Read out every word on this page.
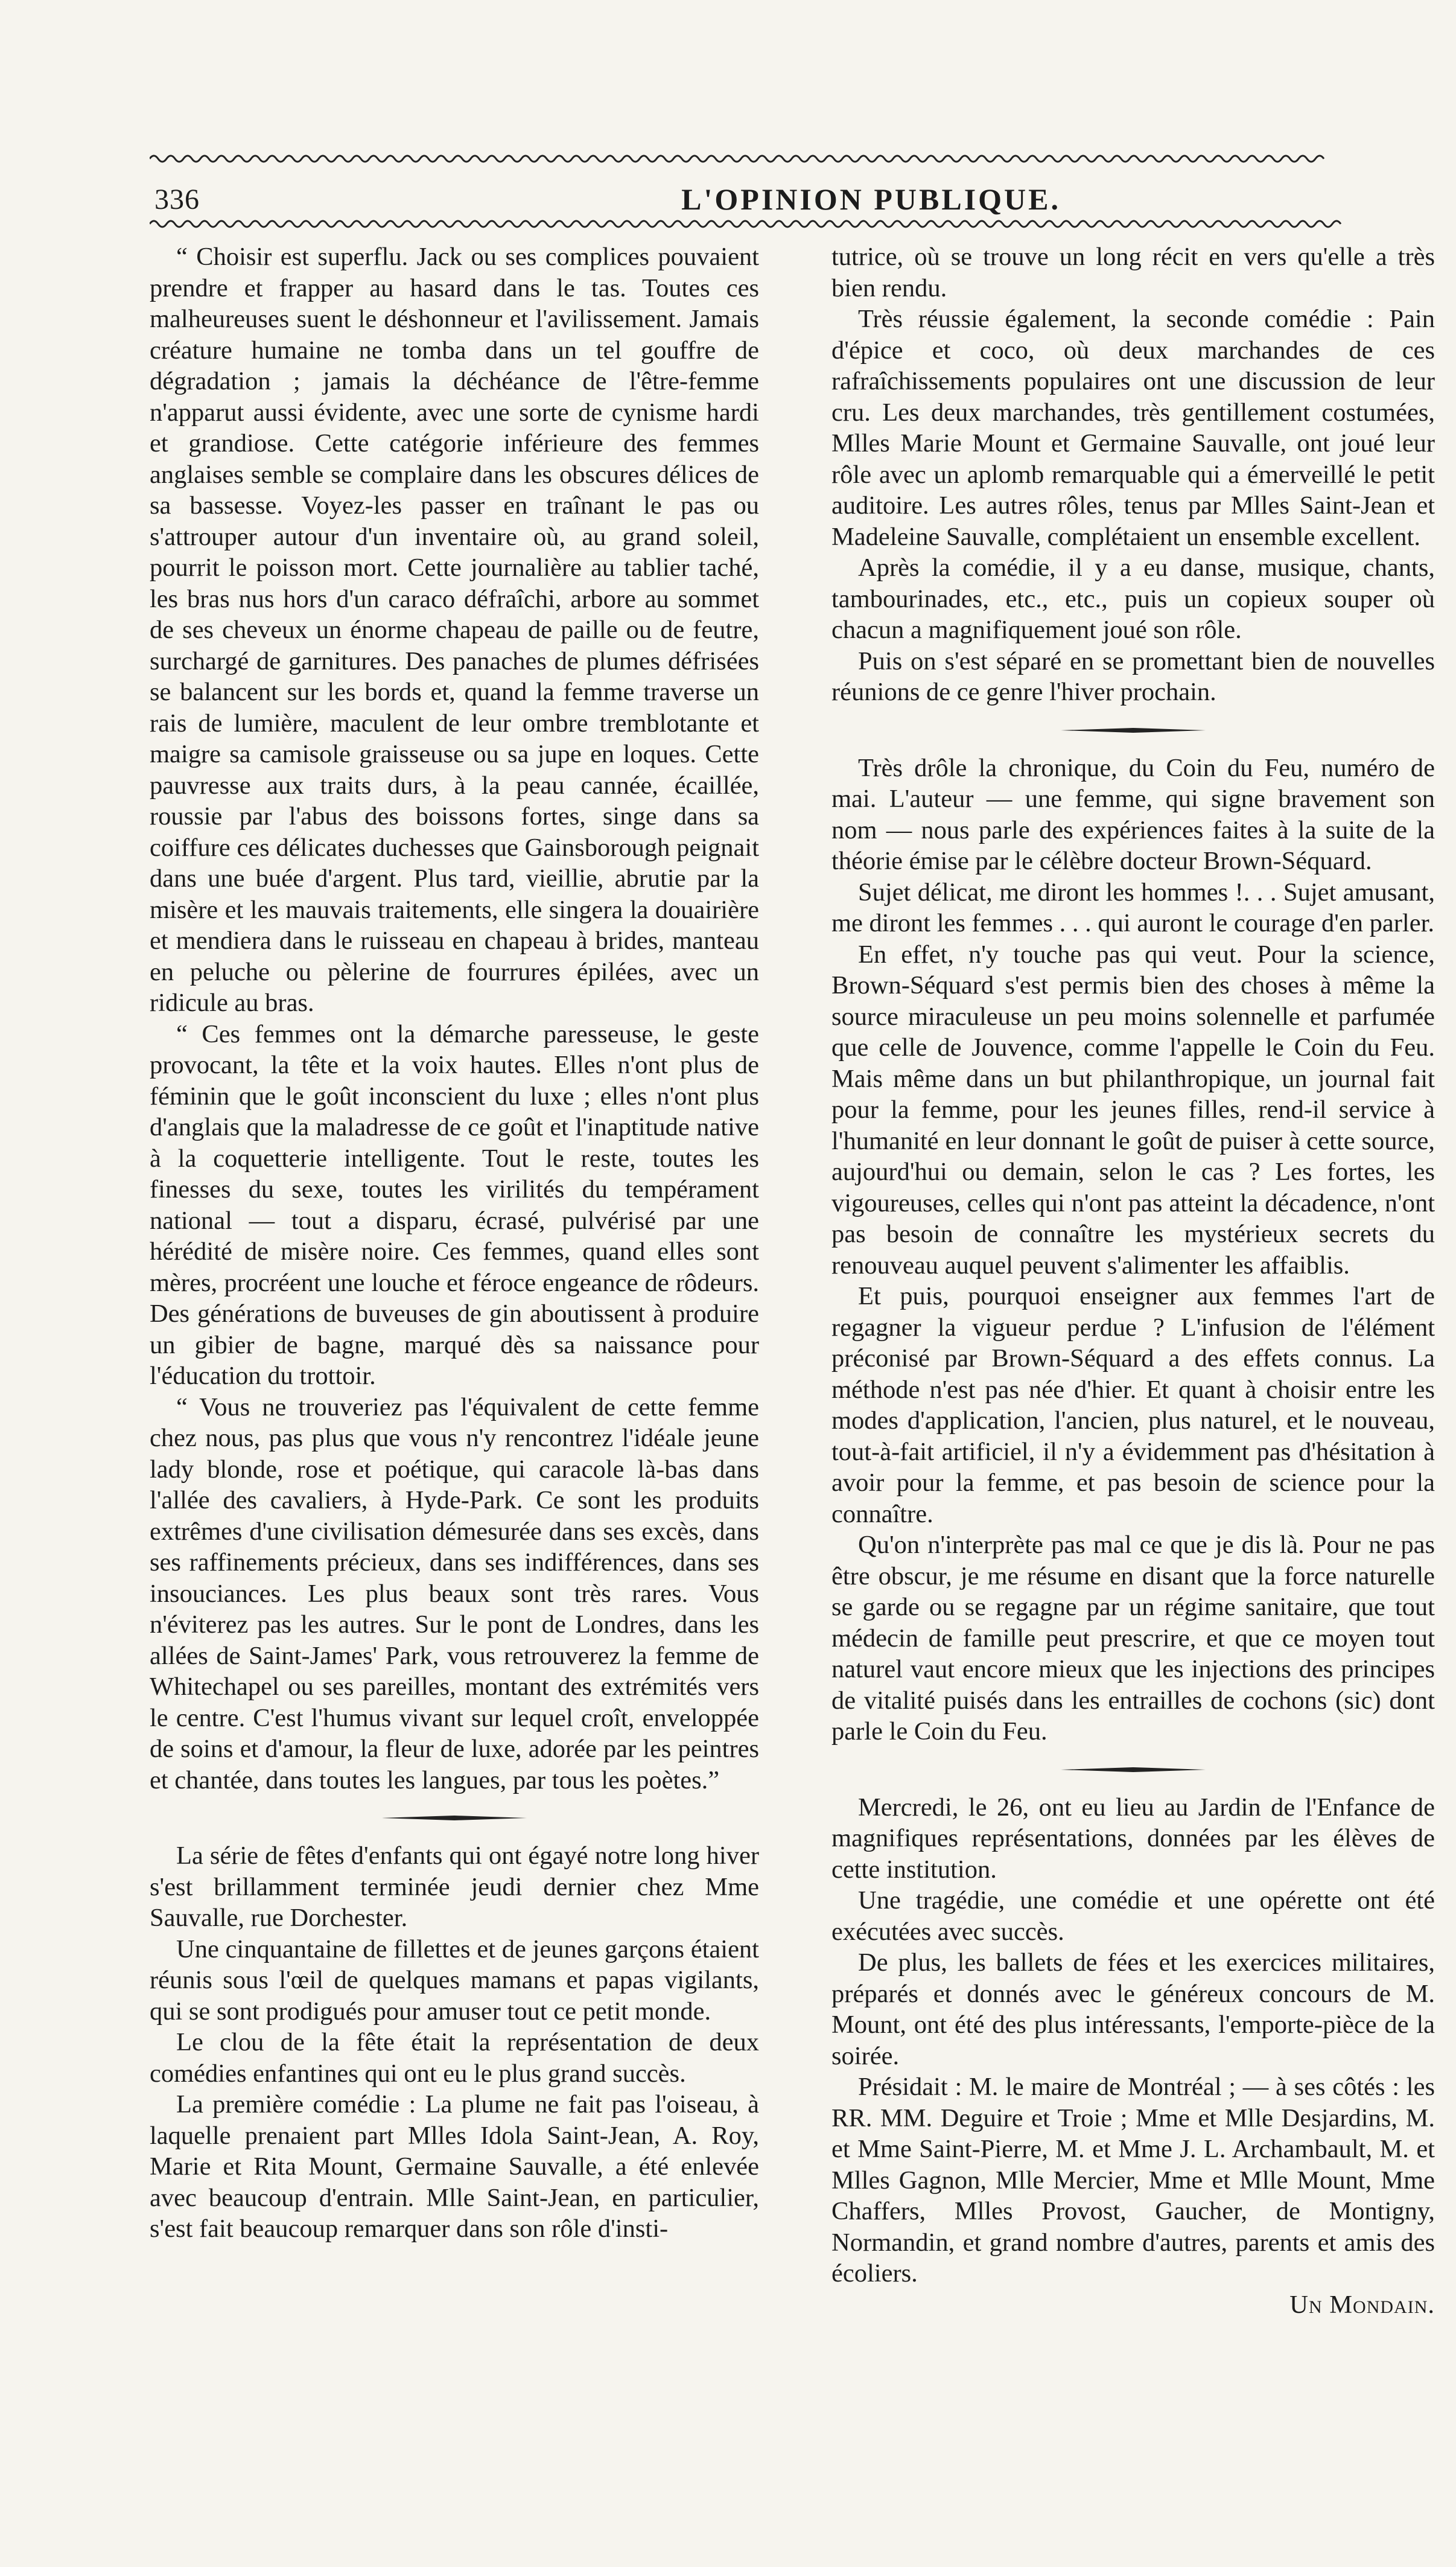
336	L'OPINION PUBLIQUE.

“ Choisir est superflu. Jack ou ses complices pouvaient prendre et frapper au hasard dans le tas. Toutes ces malheureuses suent le déshonneur et l'avilissement. Jamais créature humaine ne tomba dans un tel gouffre de dégradation ; jamais la déchéance de l'être-femme n'apparut aussi évidente, avec une sorte de cynisme hardi et grandiose. Cette catégorie inférieure des femmes anglaises semble se complaire dans les obscures délices de sa bassesse. Voyez-les passer en traînant le pas ou s'attrouper autour d'un inventaire où, au grand soleil, pourrit le poisson mort. Cette journalière au tablier taché, les bras nus hors d'un caraco défraîchi, arbore au sommet de ses cheveux un énorme chapeau de paille ou de feutre, surchargé de garnitures. Des panaches de plumes défrisées se balancent sur les bords et, quand la femme traverse un rais de lumière, maculent de leur ombre tremblotante et maigre sa camisole graisseuse ou sa jupe en loques. Cette pauvresse aux traits durs, à la peau cannée, écaillée, roussie par l'abus des boissons fortes, singe dans sa coiffure ces délicates duchesses que Gainsborough peignait dans une buée d'argent. Plus tard, vieillie, abrutie par la misère et les mauvais traitements, elle singera la douairière et mendiera dans le ruisseau en chapeau à brides, manteau en peluche ou pèlerine de fourrures épilées, avec un ridicule au bras.

“ Ces femmes ont la démarche paresseuse, le geste provocant, la tête et la voix hautes. Elles n'ont plus de féminin que le goût inconscient du luxe ; elles n'ont plus d'anglais que la maladresse de ce goût et l'inaptitude native à la coquetterie intelligente. Tout le reste, toutes les finesses du sexe, toutes les virilités du tempérament national — tout a disparu, écrasé, pulvérisé par une hérédité de misère noire. Ces femmes, quand elles sont mères, procréent une louche et féroce engeance de rôdeurs. Des générations de buveuses de gin aboutissent à produire un gibier de bagne, marqué dès sa naissance pour l'éducation du trottoir.

“ Vous ne trouveriez pas l'équivalent de cette femme chez nous, pas plus que vous n'y rencontrez l'idéale jeune lady blonde, rose et poétique, qui caracole là-bas dans l'allée des cavaliers, à Hyde-Park. Ce sont les produits extrêmes d'une civilisation démesurée dans ses excès, dans ses raffinements précieux, dans ses indifférences, dans ses insouciances. Les plus beaux sont très rares. Vous n'éviterez pas les autres. Sur le pont de Londres, dans les allées de Saint-James' Park, vous retrouverez la femme de Whitechapel ou ses pareilles, montant des extrémités vers le centre. C'est l'humus vivant sur lequel croît, enveloppée de soins et d'amour, la fleur de luxe, adorée par les peintres et chantée, dans toutes les langues, par tous les poètes.”

La série de fêtes d'enfants qui ont égayé notre long hiver s'est brillamment terminée jeudi dernier chez Mme Sauvalle, rue Dorchester.

Une cinquantaine de fillettes et de jeunes garçons étaient réunis sous l'œil de quelques mamans et papas vigilants, qui se sont prodigués pour amuser tout ce petit monde.

Le clou de la fête était la représentation de deux comédies enfantines qui ont eu le plus grand succès.

La première comédie : La plume ne fait pas l'oiseau, à laquelle prenaient part Mlles Idola Saint-Jean, A. Roy, Marie et Rita Mount, Germaine Sauvalle, a été enlevée avec beaucoup d'entrain. Mlle Saint-Jean, en particulier, s'est fait beaucoup remarquer dans son rôle d'insti-

tutrice, où se trouve un long récit en vers qu'elle a très bien rendu.

Très réussie également, la seconde comédie : Pain d'épice et coco, où deux marchandes de ces rafraîchissements populaires ont une discussion de leur cru. Les deux marchandes, très gentillement costumées, Mlles Marie Mount et Germaine Sauvalle, ont joué leur rôle avec un aplomb remarquable qui a émerveillé le petit auditoire. Les autres rôles, tenus par Mlles Saint-Jean et Madeleine Sauvalle, complétaient un ensemble excellent.

Après la comédie, il y a eu danse, musique, chants, tambourinades, etc., etc., puis un copieux souper où chacun a magnifiquement joué son rôle.

Puis on s'est séparé en se promettant bien de nouvelles réunions de ce genre l'hiver prochain.

Très drôle la chronique, du Coin du Feu, numéro de mai. L'auteur — une femme, qui signe bravement son nom — nous parle des expériences faites à la suite de la théorie émise par le célèbre docteur Brown-Séquard.

Sujet délicat, me diront les hommes !. . . Sujet amusant, me diront les femmes . . . qui auront le courage d'en parler.

En effet, n'y touche pas qui veut. Pour la science, Brown-Séquard s'est permis bien des choses à même la source miraculeuse un peu moins solennelle et parfumée que celle de Jouvence, comme l'appelle le Coin du Feu. Mais même dans un but philanthropique, un journal fait pour la femme, pour les jeunes filles, rend-il service à l'humanité en leur donnant le goût de puiser à cette source, aujourd'hui ou demain, selon le cas ? Les fortes, les vigoureuses, celles qui n'ont pas atteint la décadence, n'ont pas besoin de connaître les mystérieux secrets du renouveau auquel peuvent s'alimenter les affaiblis.

Et puis, pourquoi enseigner aux femmes l'art de regagner la vigueur perdue ? L'infusion de l'élément préconisé par Brown-Séquard a des effets connus. La méthode n'est pas née d'hier. Et quant à choisir entre les modes d'application, l'ancien, plus naturel, et le nouveau, tout-à-fait artificiel, il n'y a évidemment pas d'hésitation à avoir pour la femme, et pas besoin de science pour la connaître.

Qu'on n'interprète pas mal ce que je dis là. Pour ne pas être obscur, je me résume en disant que la force naturelle se garde ou se regagne par un régime sanitaire, que tout médecin de famille peut prescrire, et que ce moyen tout naturel vaut encore mieux que les injections des principes de vitalité puisés dans les entrailles de cochons (sic) dont parle le Coin du Feu.

Mercredi, le 26, ont eu lieu au Jardin de l'Enfance de magnifiques représentations, données par les élèves de cette institution.

Une tragédie, une comédie et une opérette ont été exécutées avec succès.

De plus, les ballets de fées et les exercices militaires, préparés et donnés avec le généreux concours de M. Mount, ont été des plus intéressants, l'emporte-pièce de la soirée.

Présidait : M. le maire de Montréal ; — à ses côtés : les RR. MM. Deguire et Troie ; Mme et Mlle Desjardins, M. et Mme Saint-Pierre, M. et Mme J. L. Archambault, M. et Mlles Gagnon, Mlle Mercier, Mme et Mlle Mount, Mme Chaffers, Mlles Provost, Gaucher, de Montigny, Normandin, et grand nombre d'autres, parents et amis des écoliers.

Un Mondain.
